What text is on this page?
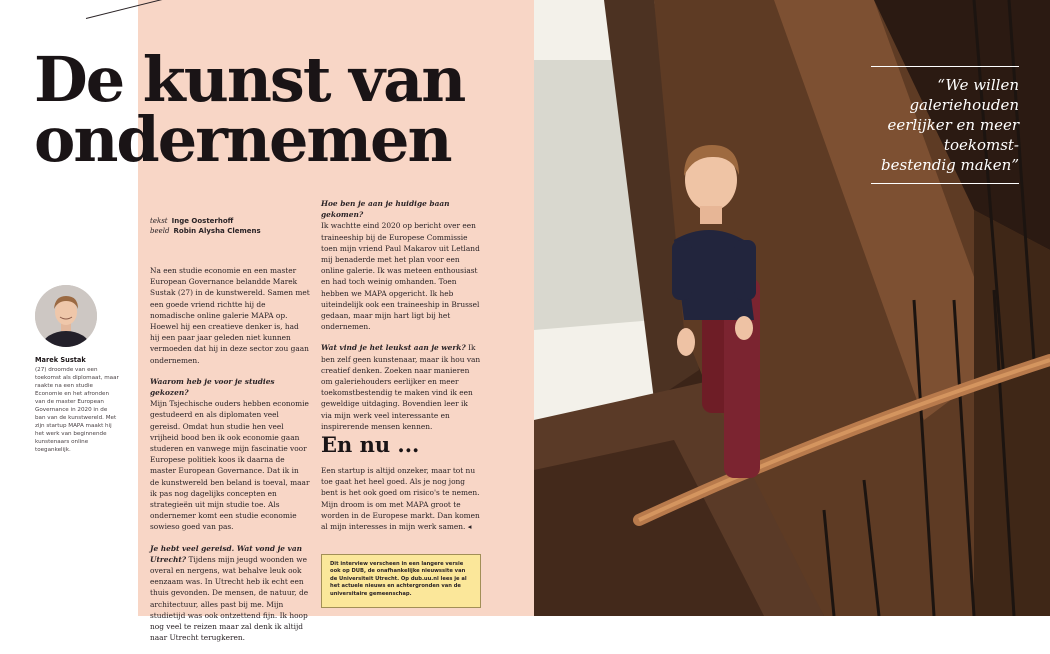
De kunst van
ondernemen
tekst Inge Oosterhoff
beeld Robin Alysha Clemens

Na een studie economie en een master European Governance belandde Marek Sustak (27) in de kunstwereld. Samen met een goede vriend richtte hij de nomadische online galerie MAPA op. Hoewel hij een creatieve denker is, had hij een paar jaar geleden niet kunnen vermoeden dat hij in deze sector zou gaan ondernemen.

Waarom heb je voor je studies gekozen?
Mijn Tsjechische ouders hebben economie gestudeerd en als diplomaten veel gereisd. Omdat hun studie hen veel vrijheid bood ben ik ook economie gaan studeren en vanwege mijn fascinatie voor Europese politiek koos ik daarna de master European Governance. Dat ik in de kunstwereld ben beland is toeval, maar ik pas nog dagelijks concepten en strategieën uit mijn studie toe. Als ondernemer komt een studie economie sowieso goed van pas.

Je hebt veel gereisd. Wat vond je van Utrecht? Tijdens mijn jeugd woonden we overal en nergens, wat behalve leuk ook eenzaam was. In Utrecht heb ik echt een thuis gevonden. De mensen, de natuur, de architectuur, alles past bij me. Mijn studietijd was ook ontzettend fijn. Ik hoop nog veel te reizen maar zal denk ik altijd naar Utrecht terugkeren.

Hoe ben je aan je huidige baan gekomen?
Ik wachtte eind 2020 op bericht over een traineeship bij de Europese Commissie toen mijn vriend Paul Makarov uit Letland mij benaderde met het plan voor een online galerie. Ik was meteen enthousiast en had toch weinig omhanden. Toen hebben we MAPA opgericht. Ik heb uiteindelijk ook een traineeship in Brussel gedaan, maar mijn hart ligt bij het ondernemen.

Wat vind je het leukst aan je werk? Ik ben zelf geen kunstenaar, maar ik hou van creatief denken. Zoeken naar manieren om galeriehouders eerlijker en meer toekomstbestendig te maken vind ik een geweldige uitdaging. Bovendien leer ik via mijn werk veel interessante en inspirerende mensen kennen.

En nu ...
Een startup is altijd onzeker, maar tot nu toe gaat het heel goed. Als je nog jong bent is het ook goed om risico's te nemen. Mijn droom is om met MAPA groot te worden in de Europese markt. Dan komen al mijn interesses in mijn werk samen. ◂
Marek Sustak
(27) droomde van een toekomst als diplomaat, maar raakte na een studie Economie en het afronden van de master European Governance in 2020 in de ban van de kunstwereld. Met zijn startup MAPA maakt hij het werk van beginnende kunstenaars online toegankelijk.
Dit interview verscheen in een langere versie ook op DUB, de onafhankelijke nieuwssite van de Universiteit Utrecht. Op dub.uu.nl lees je al het actuele nieuws en achtergronden van de universitaire gemeenschap.
“We willen galeriehouden eerlijker en meer toekomst-bestendig maken”
